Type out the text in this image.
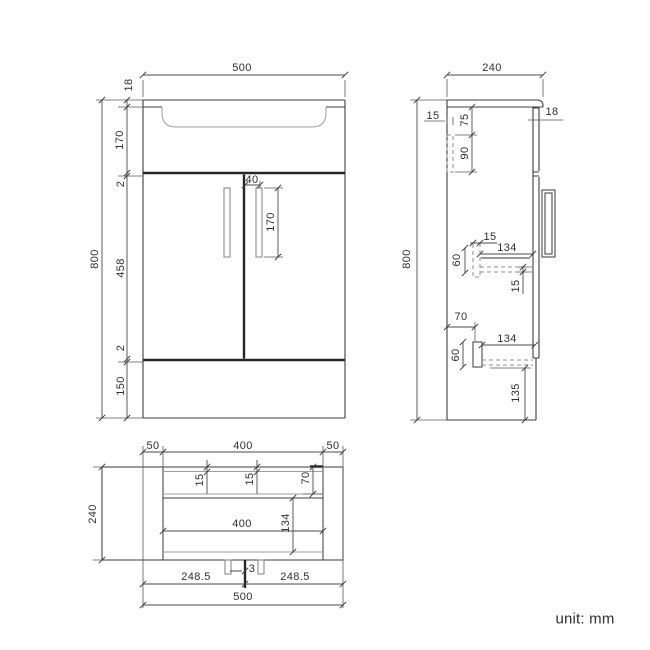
500
800
18
170
2
458
2
150
40
170
240
800
15 75
90
18
15
134
60
15
70
134
60
135
50	400	50
240
15	15	70
400	134
3
248.5	248.5
500
unit: mm
